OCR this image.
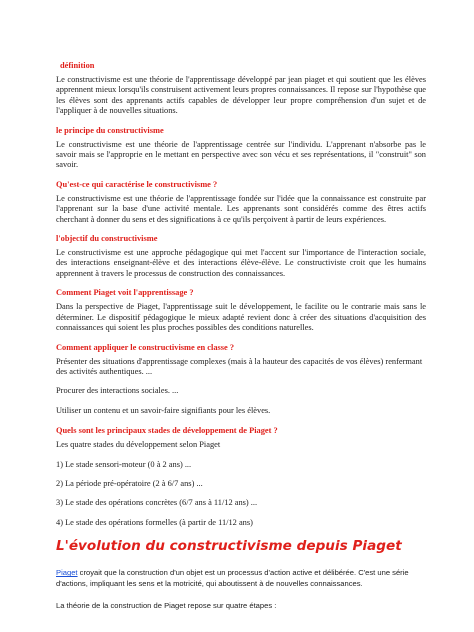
définition

Le constructivisme est une théorie de l'apprentissage développé par jean piaget et qui soutient que les élèves apprennent mieux lorsqu'ils construisent activement leurs propres connaissances. Il repose sur l'hypothèse que les élèves sont des apprenants actifs capables de développer leur propre compréhension d'un sujet et de l'appliquer à de nouvelles situations.

le principe du constructivisme

Le constructivisme est une théorie de l'apprentissage centrée sur l'individu. L'apprenant n'absorbe pas le savoir mais se l'approprie en le mettant en perspective avec son vécu et ses représentations, il "construit" son savoir.

Qu'est-ce qui caractérise le constructivisme ?

Le constructivisme est une théorie de l'apprentissage fondée sur l'idée que la connaissance est construite par l'apprenant sur la base d'une activité mentale. Les apprenants sont considérés comme des êtres actifs cherchant à donner du sens et des significations à ce qu'ils perçoivent à partir de leurs expériences.

l'objectif du constructivisme

Le constructivisme est une approche pédagogique qui met l'accent sur l'importance de l'interaction sociale, des interactions enseignant-élève et des interactions élève-élève. Le constructiviste croit que les humains apprennent à travers le processus de construction des connaissances.

Comment Piaget voit l'apprentissage ?

Dans la perspective de Piaget, l'apprentissage suit le développement, le facilite ou le contrarie mais sans le déterminer. Le dispositif pédagogique le mieux adapté revient donc à créer des situations d'acquisition des connaissances qui soient les plus proches possibles des conditions naturelles.

Comment appliquer le constructivisme en classe ?

Présenter des situations d'apprentissage complexes (mais à la hauteur des capacités de vos élèves) renfermant des activités authentiques. ...

Procurer des interactions sociales. ...

Utiliser un contenu et un savoir-faire signifiants pour les élèves.

Quels sont les principaux stades de développement de Piaget ?

Les quatre stades du développement selon Piaget

1) Le stade sensori-moteur (0 à 2 ans) ...

2) La période pré-opératoire (2 à 6/7 ans) ...

3) Le stade des opérations concrètes (6/7 ans à 11/12 ans) ...

4) Le stade des opérations formelles (à partir de 11/12 ans)

L'évolution du constructivisme depuis Piaget

Piaget croyait que la construction d'un objet est un processus d'action active et délibérée. C'est une série d'actions, impliquant les sens et la motricité, qui aboutissent à de nouvelles connaissances.

La théorie de la construction de Piaget repose sur quatre étapes :
